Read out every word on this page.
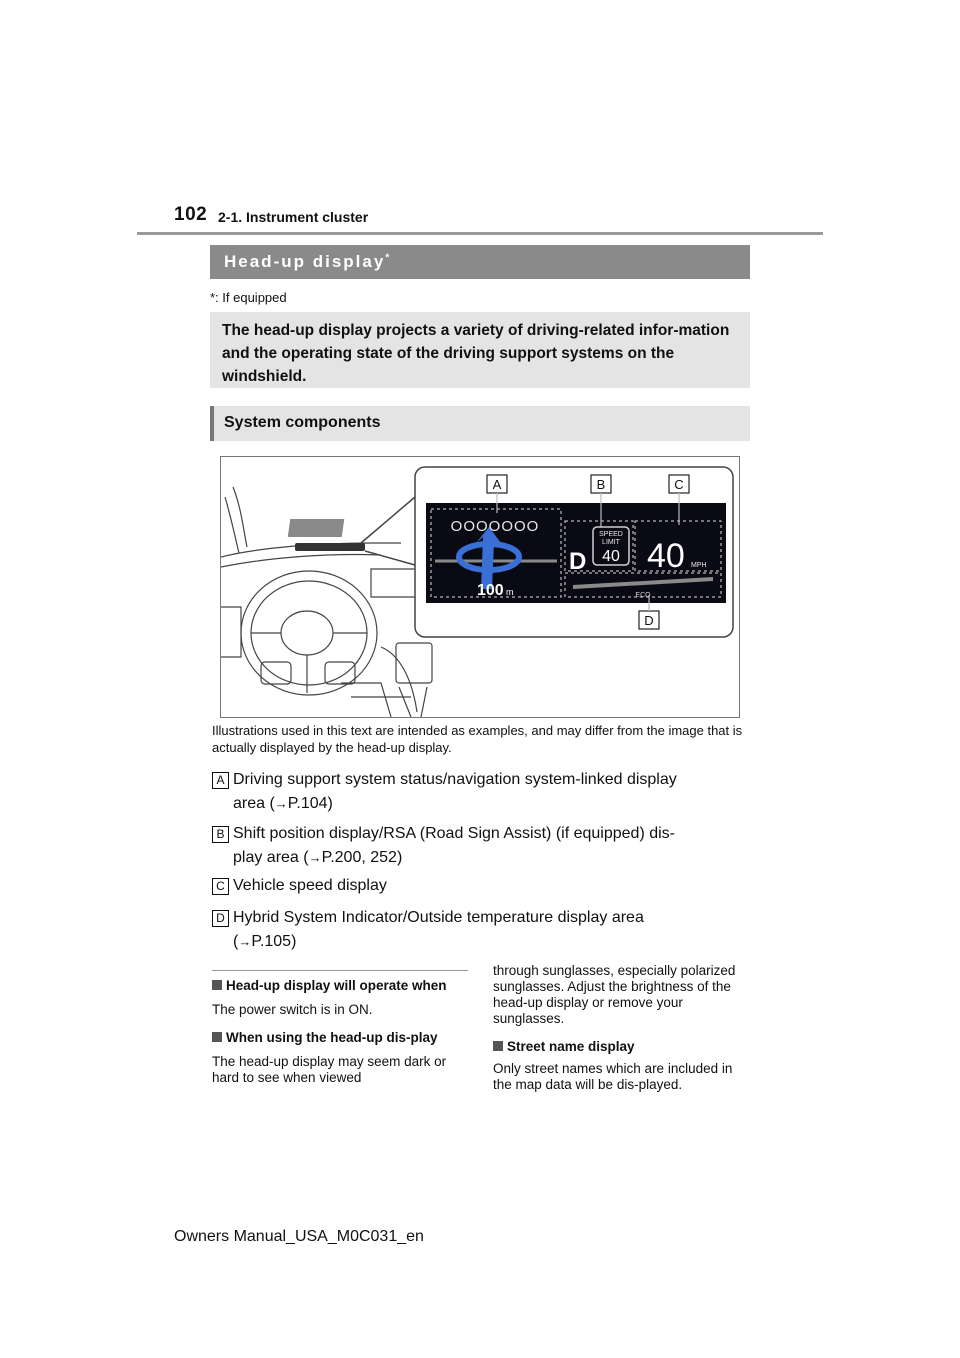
102 2-1. Instrument cluster
Head-up display*
*: If equipped
The head-up display projects a variety of driving-related infor-mation and the operating state of the driving support systems on the windshield.
System components
A	B	C
D
OOOOOOO
D
SPEED
LIMIT
40 40 MPH
100 m	ECO
Illustrations used in this text are intended as examples, and may differ from the image that is actually displayed by the head-up display.
A Driving support system status/navigation system-linked display
area (→P.104)
B Shift position display/RSA (Road Sign Assist) (if equipped) dis-
play area (→P.200, 252)
C Vehicle speed display
D Hybrid System Indicator/Outside temperature display area
(→P.105)
Head-up display will operate when
The power switch is in ON.
When using the head-up dis-play
The head-up display may seem dark or hard to see when viewed
through sunglasses, especially polarized sunglasses. Adjust the brightness of the head-up display or remove your sunglasses.
Street name display
Only street names which are included in the map data will be dis-played.
Owners Manual_USA_M0C031_en
